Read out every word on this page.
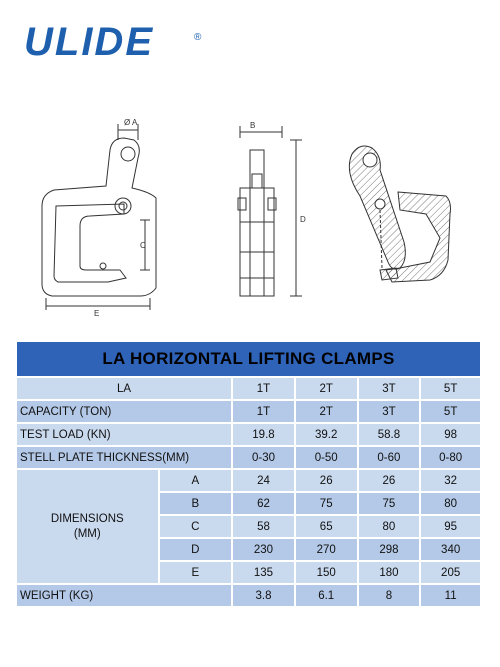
ULIDE	®
Ø A
C
E
B
D
LA HORIZONTAL LIFTING CLAMPS					
LA		1T	2T	3T	5T
CAPACITY (TON)		1T	2T	3T	5T
TEST LOAD (KN)		19.8	39.2	58.8	98
STELL PLATE THICKNESS(MM)		0-30	0-50	0-60	0-80

DIMENSIONS
(MM)	A	24	26	26	32
	B	62	75	75	80
	C	58	65	80	95
	D	230	270	298	340
	E	135	150	180	205
WEIGHT (KG)		3.8	6.1	8	11
